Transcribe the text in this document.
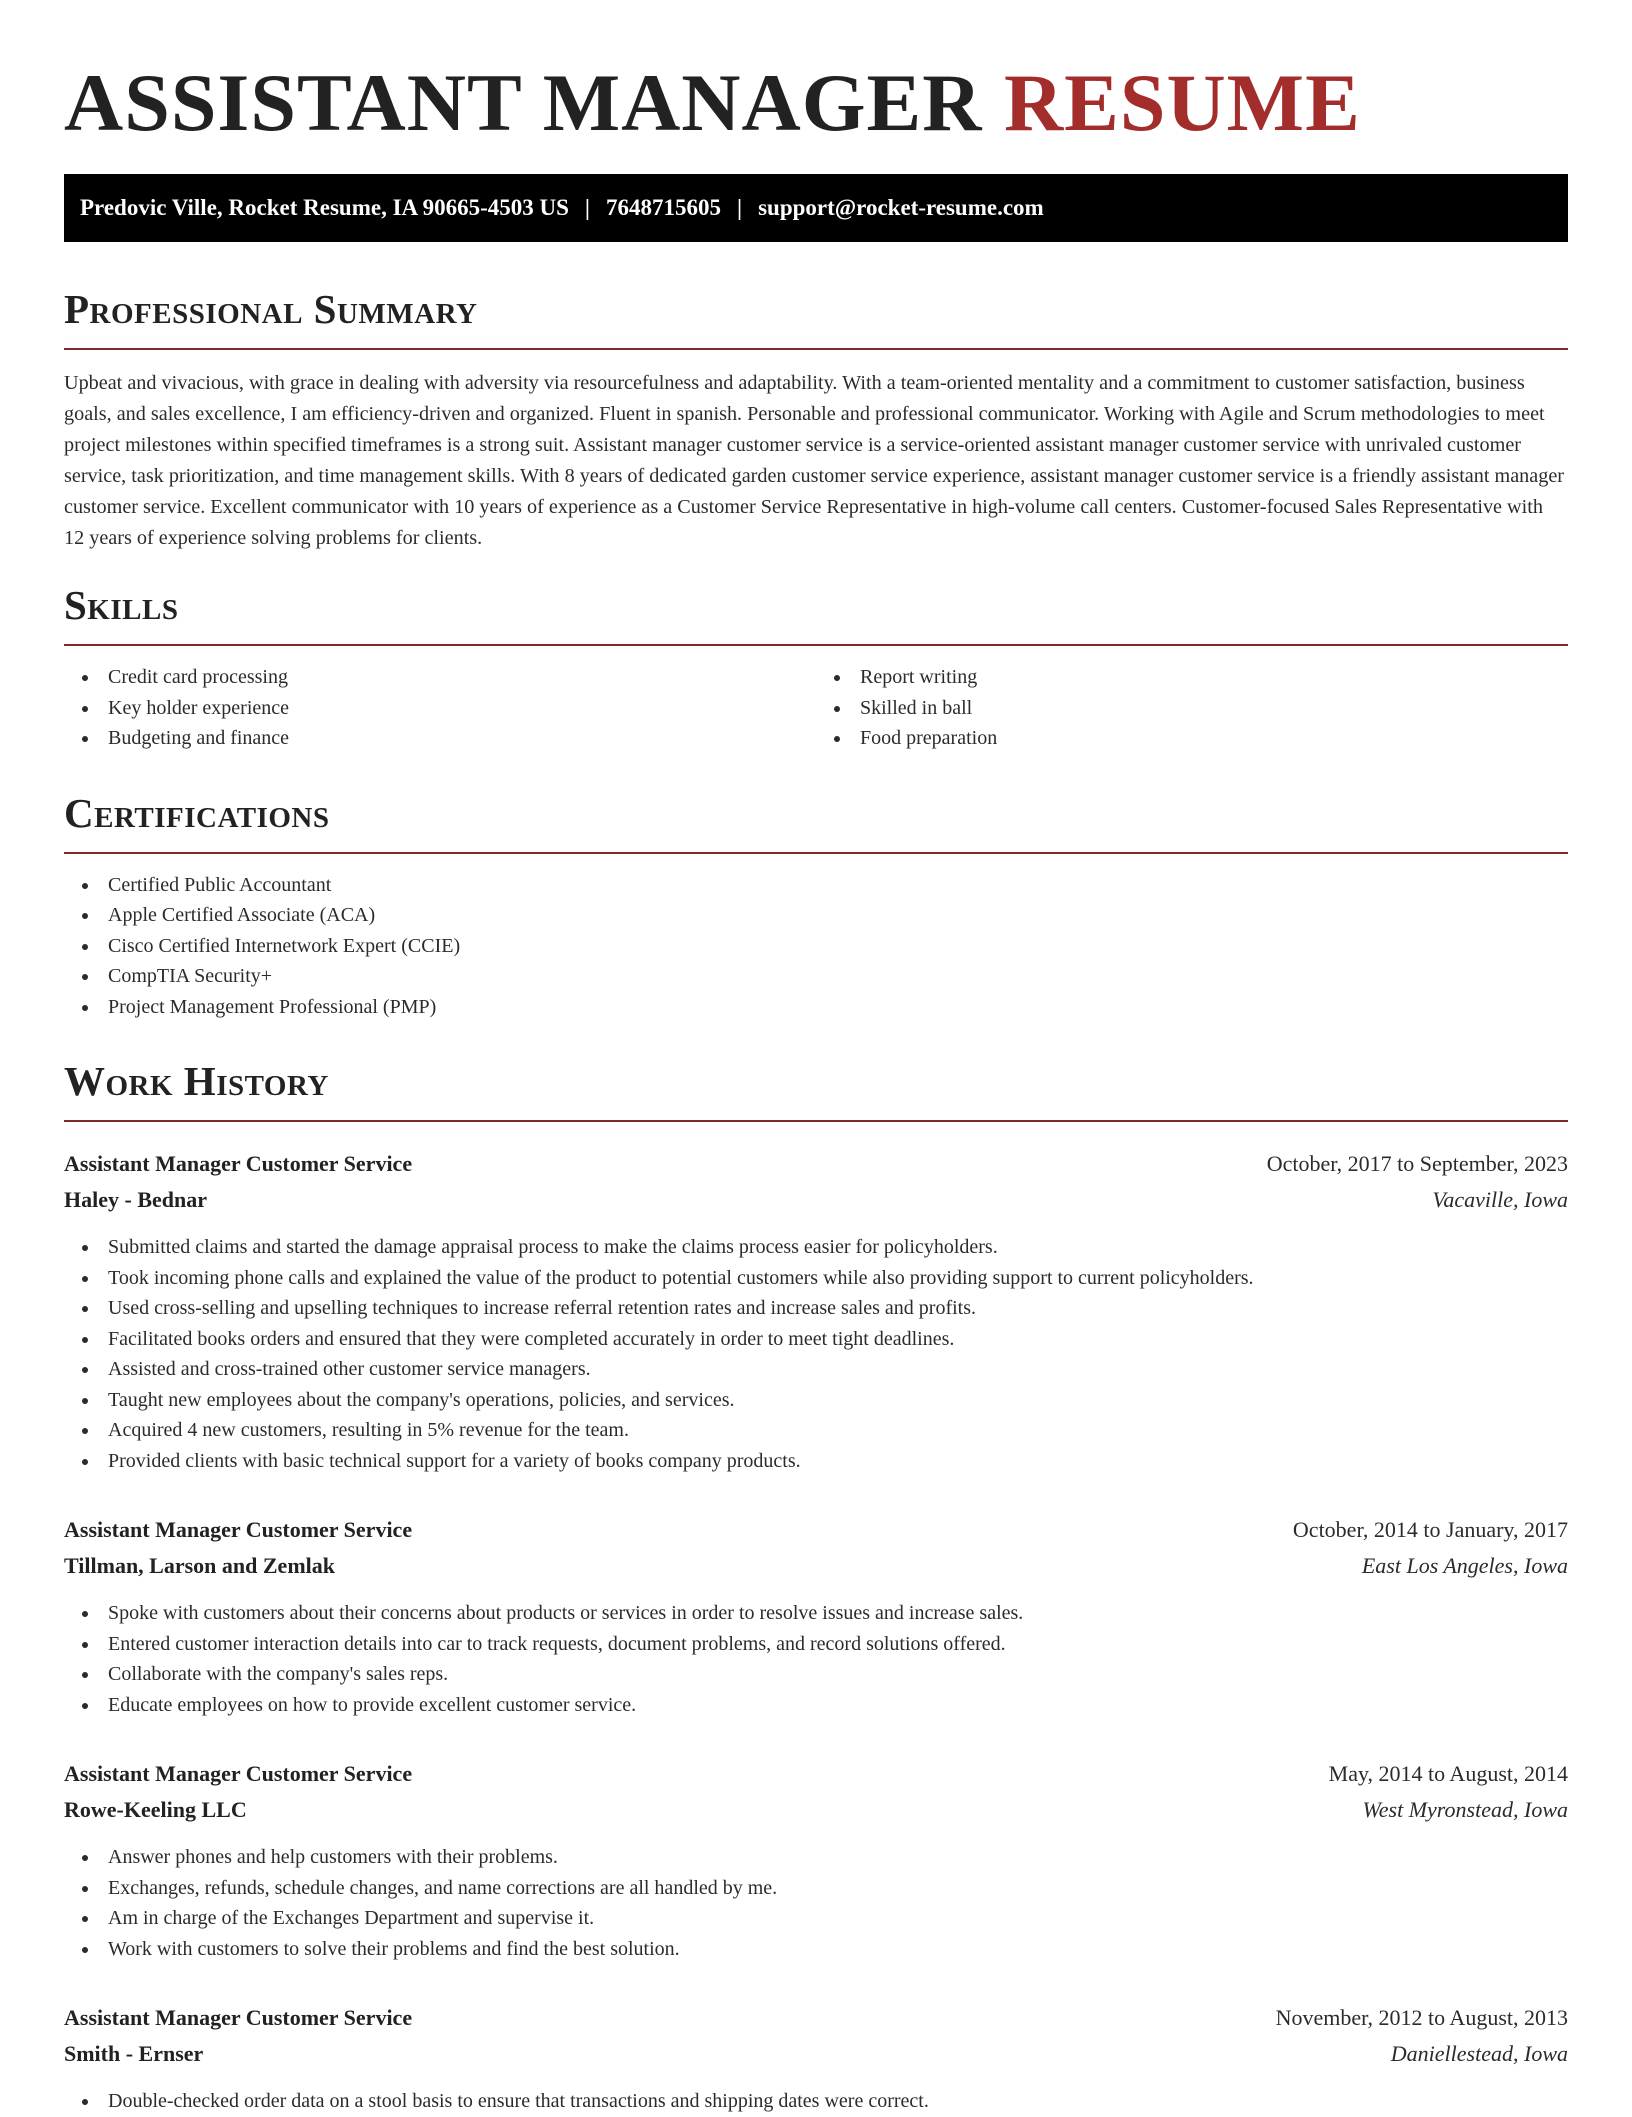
ASSISTANT MANAGER RESUME
Predovic Ville, Rocket Resume, IA 90665-4503 US | 7648715605 | support@rocket-resume.com
Professional Summary

Upbeat and vivacious, with grace in dealing with adversity via resourcefulness and adaptability. With a team-oriented mentality and a commitment to customer satisfaction, business goals, and sales excellence, I am efficiency-driven and organized. Fluent in spanish. Personable and professional communicator. Working with Agile and Scrum methodologies to meet project milestones within specified timeframes is a strong suit. Assistant manager customer service is a service-oriented assistant manager customer service with unrivaled customer service, task prioritization, and time management skills. With 8 years of dedicated garden customer service experience, assistant manager customer service is a friendly assistant manager customer service. Excellent communicator with 10 years of experience as a Customer Service Representative in high-volume call centers. Customer-focused Sales Representative with 12 years of experience solving problems for clients.

Skills
Credit card processing
Key holder experience
Budgeting and finance
Report writing
Skilled in ball
Food preparation
Certifications
Certified Public Accountant
Apple Certified Associate (ACA)
Cisco Certified Internetwork Expert (CCIE)
CompTIA Security+
Project Management Professional (PMP)
Work History
Assistant Manager Customer Service	October, 2017 to September, 2023
Haley - Bednar	Vacaville, Iowa
Submitted claims and started the damage appraisal process to make the claims process easier for policyholders.
Took incoming phone calls and explained the value of the product to potential customers while also providing support to current policyholders.
Used cross-selling and upselling techniques to increase referral retention rates and increase sales and profits.
Facilitated books orders and ensured that they were completed accurately in order to meet tight deadlines.
Assisted and cross-trained other customer service managers.
Taught new employees about the company's operations, policies, and services.
Acquired 4 new customers, resulting in 5% revenue for the team.
Provided clients with basic technical support for a variety of books company products.
Assistant Manager Customer Service	October, 2014 to January, 2017
Tillman, Larson and Zemlak	East Los Angeles, Iowa
Spoke with customers about their concerns about products or services in order to resolve issues and increase sales.
Entered customer interaction details into car to track requests, document problems, and record solutions offered.
Collaborate with the company's sales reps.
Educate employees on how to provide excellent customer service.
Assistant Manager Customer Service	May, 2014 to August, 2014
Rowe-Keeling LLC	West Myronstead, Iowa
Answer phones and help customers with their problems.
Exchanges, refunds, schedule changes, and name corrections are all handled by me.
Am in charge of the Exchanges Department and supervise it.
Work with customers to solve their problems and find the best solution.
Assistant Manager Customer Service	November, 2012 to August, 2013
Smith - Ernser	Daniellestead, Iowa
Double-checked order data on a stool basis to ensure that transactions and shipping dates were correct.
